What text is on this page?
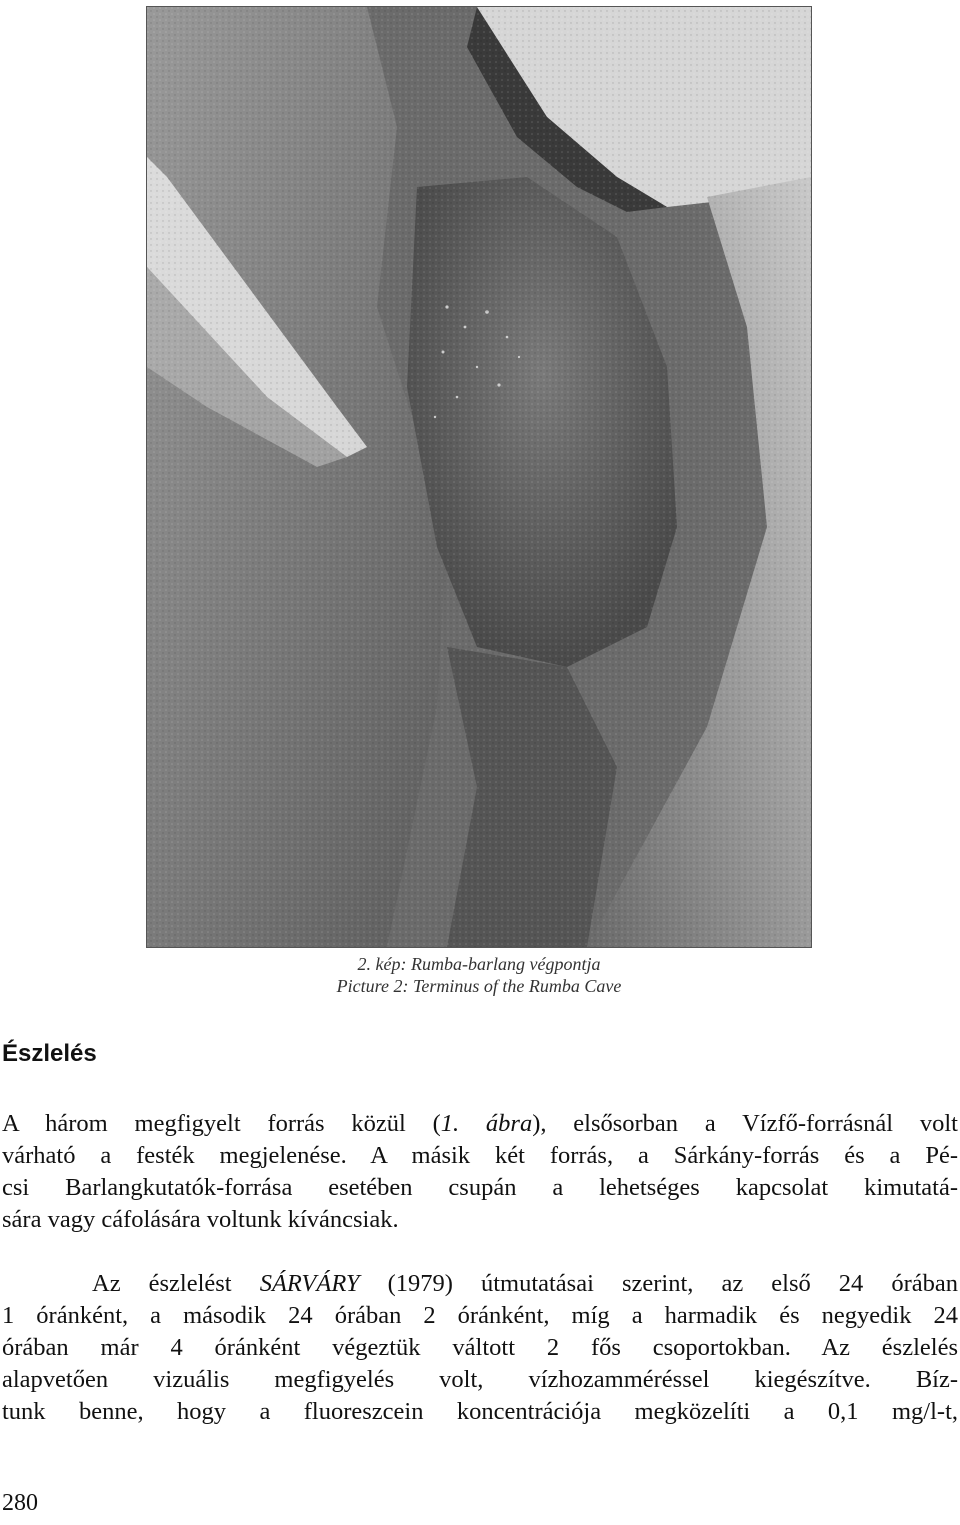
2. kép: Rumba-barlang végpontja
Picture 2: Terminus of the Rumba Cave
Észlelés
A három megfigyelt forrás közül (1. ábra), elsősorban a Vízfő-forrásnál volt
várható a festék megjelenése. A másik két forrás, a Sárkány-forrás és a Pé-
csi Barlangkutatók-forrása esetében csupán a lehetséges kapcsolat kimutatá-
sára vagy cáfolására voltunk kíváncsiak.
Az észlelést SÁRVÁRY (1979) útmutatásai szerint, az első 24 órában
1 óránként, a második 24 órában 2 óránként, míg a harmadik és negyedik 24
órában már 4 óránként végeztük váltott 2 fős csoportokban. Az észlelés
alapvetően vizuális megfigyelés volt, vízhozamméréssel kiegészítve. Bíz-
tunk benne, hogy a fluoreszcein koncentrációja megközelíti a 0,1 mg/l-t,
280
